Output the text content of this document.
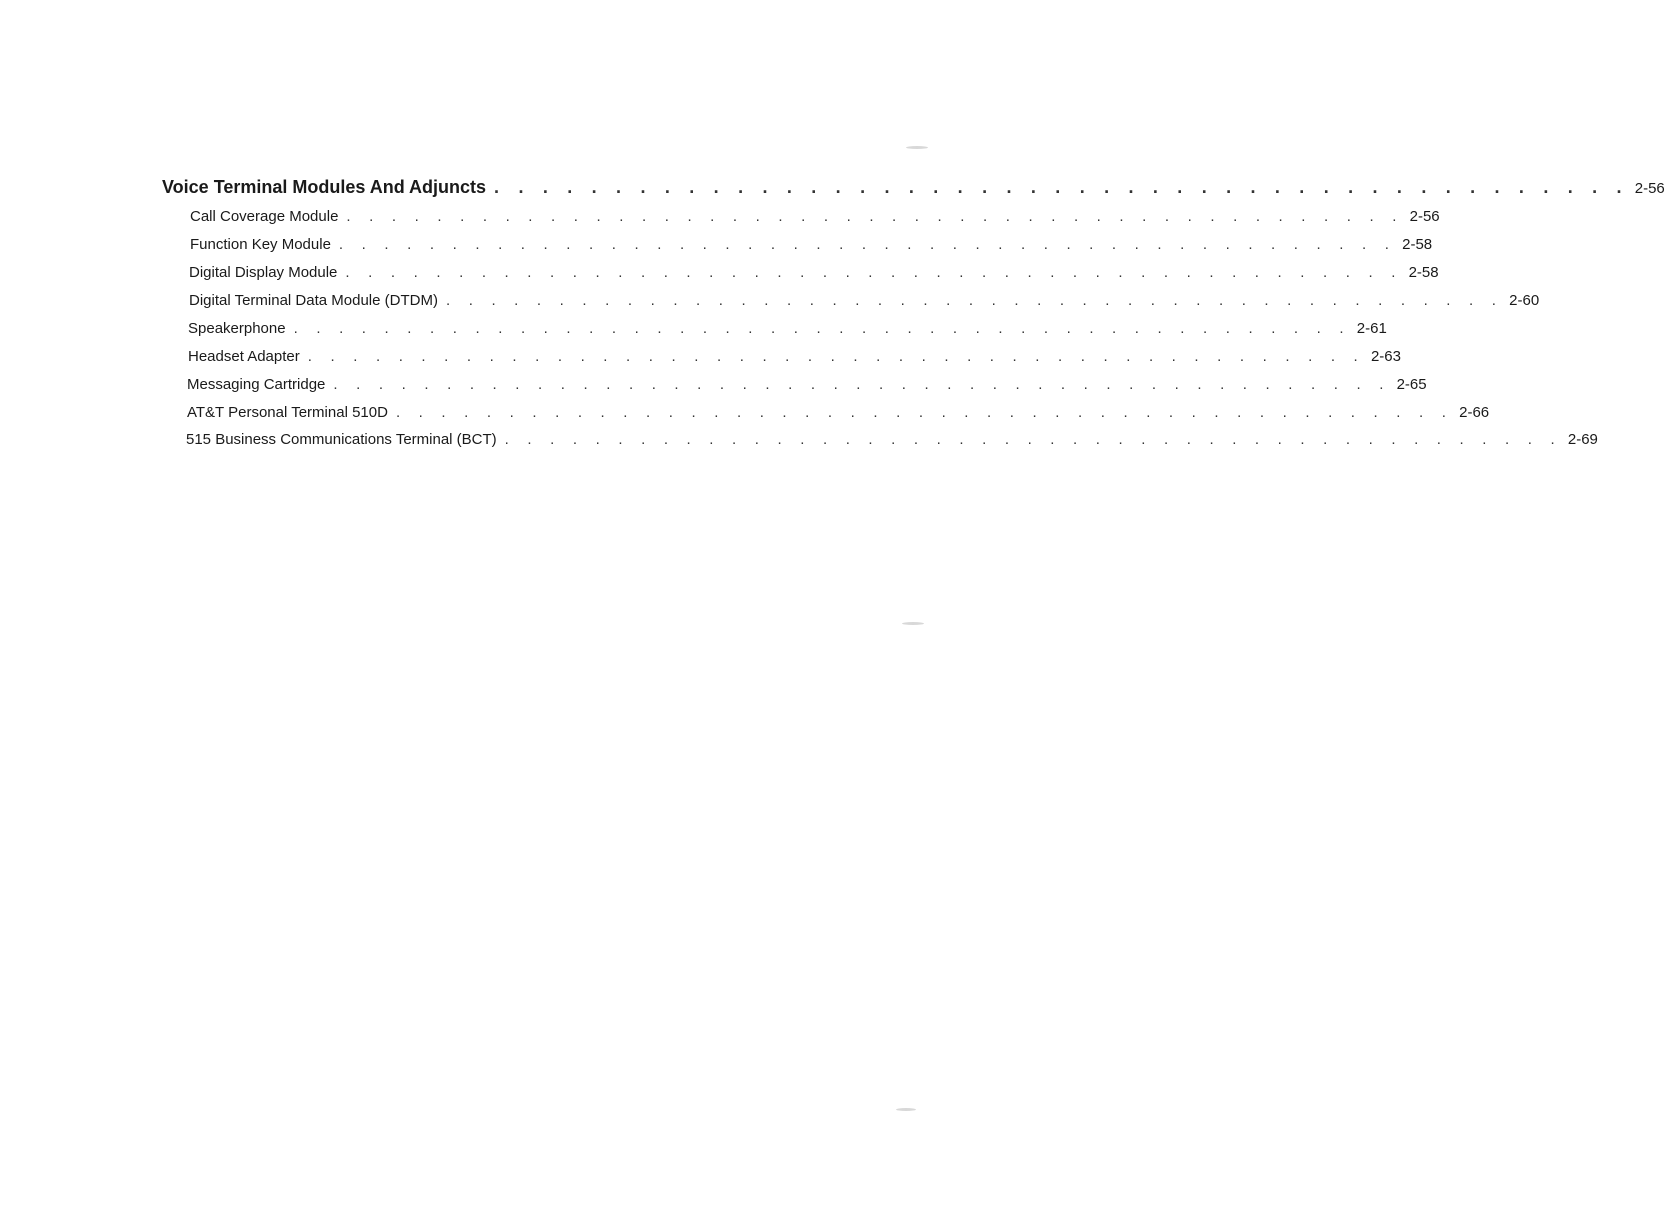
Voice Terminal Modules And Adjuncts . . . . . . . . . . . . . . . . . . . . . . . . . . . . . . . . . . . . . . . . . . . . . . . 2-56
Call Coverage Module . . . . . . . . . . . . . . . . . . . . . . . . . . . . . . . . . . . . . . . . . . . . . . . 2-56
Function Key Module . . . . . . . . . . . . . . . . . . . . . . . . . . . . . . . . . . . . . . . . . . . . . . . 2-58
Digital Display Module . . . . . . . . . . . . . . . . . . . . . . . . . . . . . . . . . . . . . . . . . . . . . . . 2-58
Digital Terminal Data Module (DTDM) . . . . . . . . . . . . . . . . . . . . . . . . . . . . . . . . . . . . . . . . . . . . . . . 2-60
Speakerphone . . . . . . . . . . . . . . . . . . . . . . . . . . . . . . . . . . . . . . . . . . . . . . . 2-61
Headset Adapter . . . . . . . . . . . . . . . . . . . . . . . . . . . . . . . . . . . . . . . . . . . . . . . 2-63
Messaging Cartridge . . . . . . . . . . . . . . . . . . . . . . . . . . . . . . . . . . . . . . . . . . . . . . . 2-65
AT&T Personal Terminal 510D . . . . . . . . . . . . . . . . . . . . . . . . . . . . . . . . . . . . . . . . . . . . . . . 2-66
515 Business Communications Terminal (BCT) . . . . . . . . . . . . . . . . . . . . . . . . . . . . . . . . . . . . . . . . . . . . . . . 2-69
